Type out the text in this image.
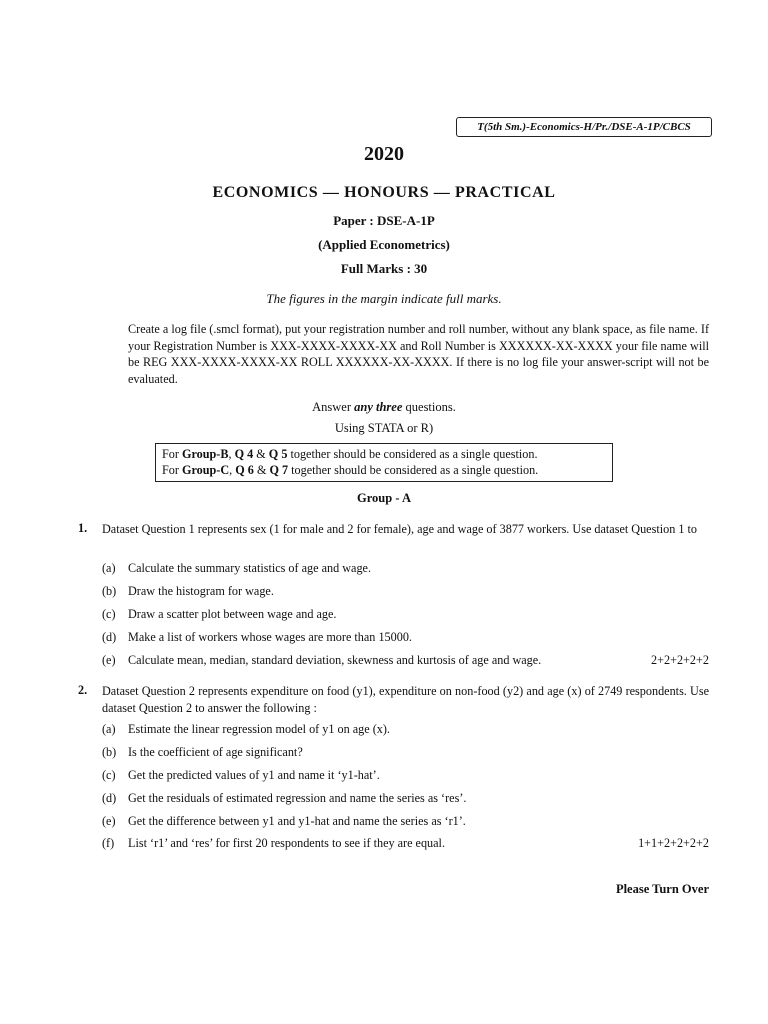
T(5th Sm.)-Economics-H/Pr./DSE-A-1P/CBCS
2020
ECONOMICS — HONOURS — PRACTICAL
Paper : DSE-A-1P
(Applied Econometrics)
Full Marks : 30
The figures in the margin indicate full marks.
Create a log file (.smcl format), put your registration number and roll number, without any blank space, as file name. If your Registration Number is XXX-XXXX-XXXX-XX and Roll Number is XXXXXX-XX-XXXX your file name will be REG XXX-XXXX-XXXX-XX ROLL XXXXXX-XX-XXXX. If there is no log file your answer-script will not be evaluated.
Answer any three questions.
Using STATA or R)
For Group-B, Q 4 & Q 5 together should be considered as a single question.
For Group-C, Q 6 & Q 7 together should be considered as a single question.
Group - A
1. Dataset Question 1 represents sex (1 for male and 2 for female), age and wage of 3877 workers. Use dataset Question 1 to
(a) Calculate the summary statistics of age and wage.
(b) Draw the histogram for wage.
(c) Draw a scatter plot between wage and age.
(d) Make a list of workers whose wages are more than 15000.
(e) Calculate mean, median, standard deviation, skewness and kurtosis of age and wage.	2+2+2+2+2
2. Dataset Question 2 represents expenditure on food (y1), expenditure on non-food (y2) and age (x) of 2749 respondents. Use dataset Question 2 to answer the following :
(a) Estimate the linear regression model of y1 on age (x).
(b) Is the coefficient of age significant?
(c) Get the predicted values of y1 and name it ‘y1-hat’.
(d) Get the residuals of estimated regression and name the series as ‘res’.
(e) Get the difference between y1 and y1-hat and name the series as ‘r1’.
(f) List ‘r1’ and ‘res’ for first 20 respondents to see if they are equal.	1+1+2+2+2+2
Please Turn Over
